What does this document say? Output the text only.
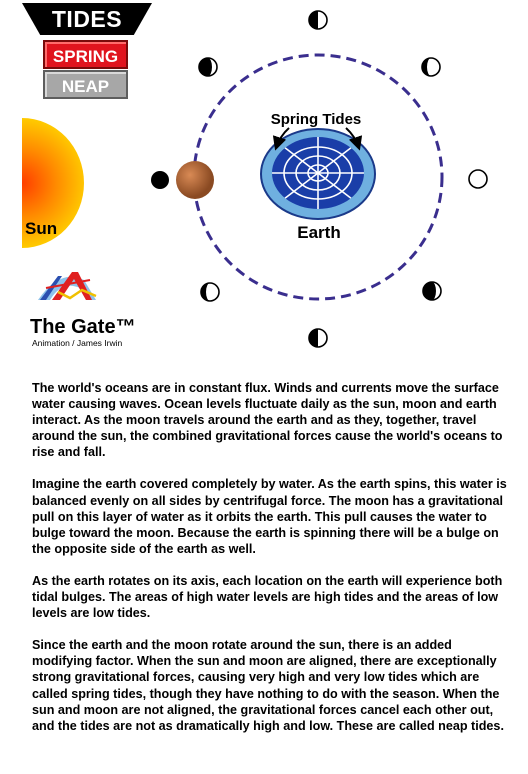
TIDES
SPRING
NEAP
Sun
Spring Tides
Earth
The Gate™
Animation / James Irwin

The world's oceans are in constant flux. Winds and currents move the surface water causing waves. Ocean levels fluctuate daily as the sun, moon and earth interact. As the moon travels around the earth and as they, together, travel around the sun, the combined gravitational forces cause the world's oceans to rise and fall.

Imagine the earth covered completely by water. As the earth spins, this water is balanced evenly on all sides by centrifugal force. The moon has a gravitational pull on this layer of water as it orbits the earth. This pull causes the water to bulge toward the moon. Because the earth is spinning there will be a bulge on the opposite side of the earth as well.

As the earth rotates on its axis, each location on the earth will experience both tidal bulges. The areas of high water levels are high tides and the areas of low levels are low tides.

Since the earth and the moon rotate around the sun, there is an added modifying factor. When the sun and moon are aligned, there are exceptionally strong gravitational forces, causing very high and very low tides which are called spring tides, though they have nothing to do with the season. When the sun and moon are not aligned, the gravitational forces cancel each other out, and the tides are not as dramatically high and low. These are called neap tides.
